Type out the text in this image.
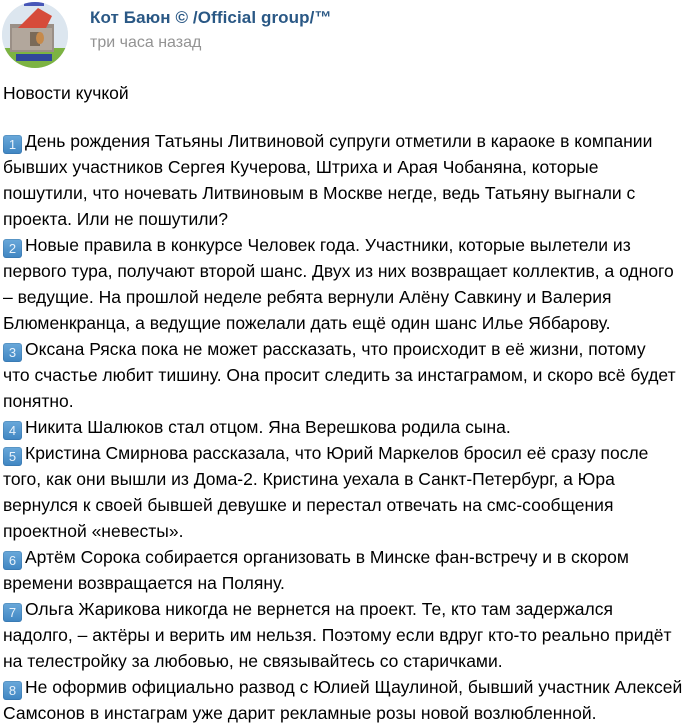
Кот Баюн © /Official group/™
три часа назад
Новости кучкой
1 День рождения Татьяны Литвиновой супруги отметили в караоке в компании
бывших участников Сергея Кучерова, Штриха и Арая Чобаняна, которые
пошутили, что ночевать Литвиновым в Москве негде, ведь Татьяну выгнали с
проекта. Или не пошутили?
2 Новые правила в конкурсе Человек года. Участники, которые вылетели из
первого тура, получают второй шанс. Двух из них возвращает коллектив, а одного
– ведущие. На прошлой неделе ребята вернули Алёну Савкину и Валерия
Блюменкранца, а ведущие пожелали дать ещё один шанс Илье Яббарову.
3 Оксана Ряска пока не может рассказать, что происходит в её жизни, потому
что счастье любит тишину. Она просит следить за инстаграмом, и скоро всё будет
понятно.
4 Никита Шалюков стал отцом. Яна Верешкова родила сына.
5 Кристина Смирнова рассказала, что Юрий Маркелов бросил её сразу после
того, как они вышли из Дома-2. Кристина уехала в Санкт-Петербург, а Юра
вернулся к своей бывшей девушке и перестал отвечать на смс-сообщения
проектной «невесты».
6 Артём Сорока собирается организовать в Минске фан-встречу и в скором
времени возвращается на Поляну.
7 Ольга Жарикова никогда не вернется на проект. Те, кто там задержался
надолго, – актёры и верить им нельзя. Поэтому если вдруг кто-то реально придёт
на телестройку за любовью, не связывайтесь со старичками.
8 Не оформив официально развод с Юлией Щаулиной, бывший участник Алексей
Самсонов в инстаграм уже дарит рекламные розы новой возлюбленной.
